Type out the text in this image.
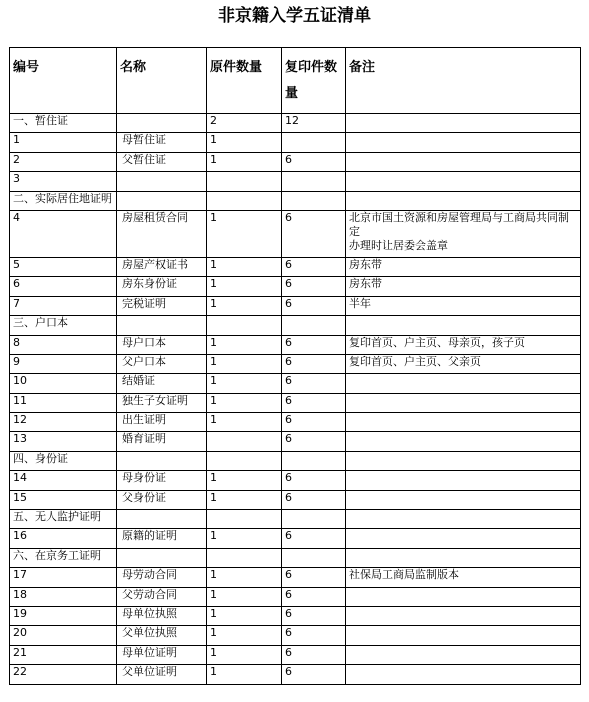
非京籍入学五证清单
编号	名称	原件数量	复印件数量	备注
一、暂住证		2	12	
1	母暂住证	1		
2	父暂住证	1	6	
3				
二、实际居住地证明				
4	房屋租赁合同	1	6	北京市国土资源和房屋管理局与工商局共同制定
办理时让居委会盖章
5	房屋产权证书	1	6	房东带
6	房东身份证	1	6	房东带
7	完税证明	1	6	半年
三、户口本				
8	母户口本	1	6	复印首页、户主页、母亲页，孩子页
9	父户口本	1	6	复印首页、户主页、父亲页
10	结婚证	1	6	
11	独生子女证明	1	6	
12	出生证明	1	6	
13	婚育证明		6	
四、身份证				
14	母身份证	1	6	
15	父身份证	1	6	
五、无人监护证明				
16	原籍的证明	1	6	
六、在京务工证明				
17	母劳动合同	1	6	社保局工商局监制版本
18	父劳动合同	1	6	
19	母单位执照	1	6	
20	父单位执照	1	6	
21	母单位证明	1	6	
22	父单位证明	1	6	
